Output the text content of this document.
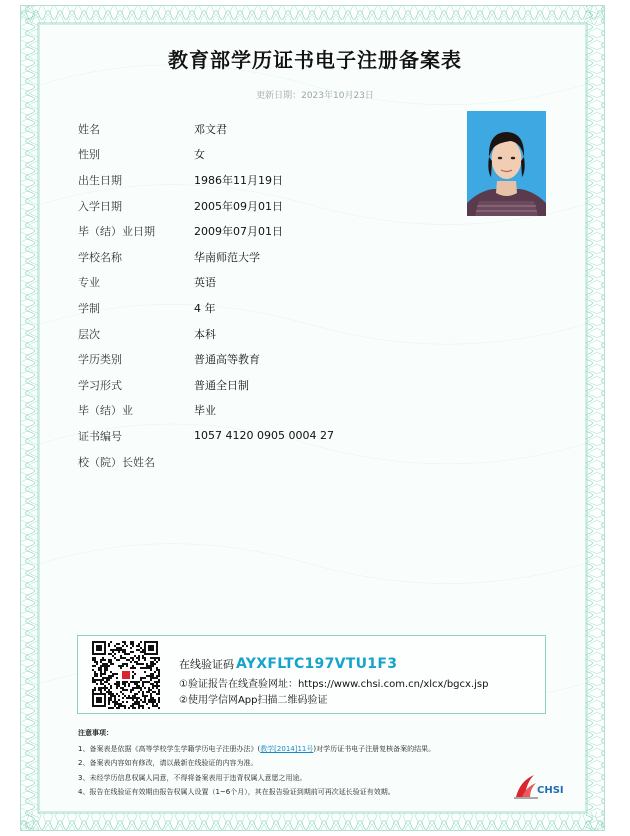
教育部学历证书电子注册备案表
更新日期：2023年10月23日
姓名	邓文君
性别	女
出生日期	1986年11月19日
入学日期	2005年09月01日
毕（结）业日期	2009年07月01日
学校名称	华南师范大学
专业	英语
学制	4 年
层次	本科
学历类别	普通高等教育
学习形式	普通全日制
毕（结）业	毕业
证书编号	1057 4120 0905 0004 27
校（院）长姓名
在线验证码 AYXFLTC197VTU1F3
①验证报告在线查验网址：https://www.chsi.com.cn/xlcx/bgcx.jsp
②使用学信网App扫描二维码验证
注意事项：
1、备案表是依据《高等学校学生学籍学历电子注册办法》(教学[2014]11号)对学历证书电子注册复核备案的结果。
2、备案表内容如有修改，请以最新在线验证的内容为准。
3、未经学历信息权属人同意，不得将备案表用于违背权属人意愿之用途。
4、报告在线验证有效期由报告权属人设置（1~6个月），其在报告验证到期前可再次延长验证有效期。	CHSI
